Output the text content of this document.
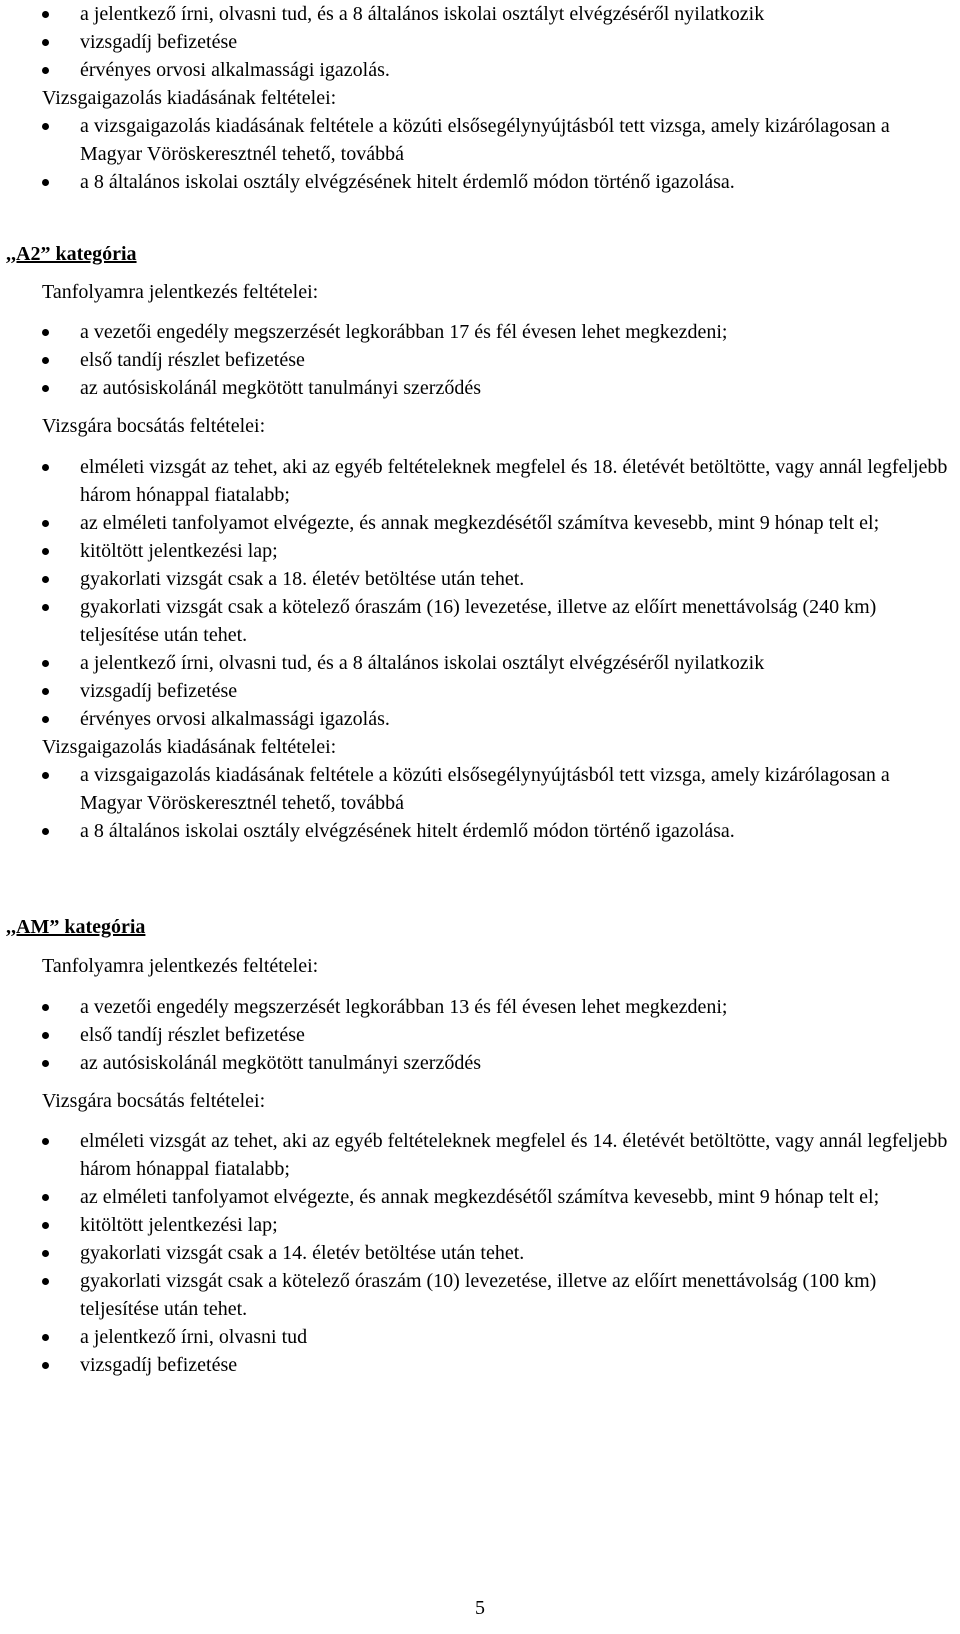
a jelentkező írni, olvasni tud, és a 8 általános iskolai osztályt elvégzéséről nyilatkozik
vizsgadíj befizetése
érvényes orvosi alkalmassági igazolás.

Vizsgaigazolás kiadásának feltételei:

a vizsgaigazolás kiadásának feltétele a közúti elsősegélynyújtásból tett vizsga, amely kizárólagosan a Magyar Vöröskeresztnél tehető, továbbá
a 8 általános iskolai osztály elvégzésének hitelt érdemlő módon történő igazolása.

,,A2” kategória

Tanfolyamra jelentkezés feltételei:

a vezetői engedély megszerzését legkorábban 17 és fél évesen lehet megkezdeni;
első tandíj részlet befizetése
az autósiskolánál megkötött tanulmányi szerződés

Vizsgára bocsátás feltételei:

elméleti vizsgát az tehet, aki az egyéb feltételeknek megfelel és 18. életévét betöltötte, vagy annál legfeljebb három hónappal fiatalabb;
az elméleti tanfolyamot elvégezte, és annak megkezdésétől számítva kevesebb, mint 9 hónap telt el;
kitöltött jelentkezési lap;
gyakorlati vizsgát csak a 18. életév betöltése után tehet.
gyakorlati vizsgát csak a kötelező óraszám (16) levezetése, illetve az előírt menettávolság (240 km) teljesítése után tehet.
a jelentkező írni, olvasni tud, és a 8 általános iskolai osztályt elvégzéséről nyilatkozik
vizsgadíj befizetése
érvényes orvosi alkalmassági igazolás.

Vizsgaigazolás kiadásának feltételei:

a vizsgaigazolás kiadásának feltétele a közúti elsősegélynyújtásból tett vizsga, amely kizárólagosan a Magyar Vöröskeresztnél tehető, továbbá
a 8 általános iskolai osztály elvégzésének hitelt érdemlő módon történő igazolása.

,,AM” kategória

Tanfolyamra jelentkezés feltételei:

a vezetői engedély megszerzését legkorábban 13 és fél évesen lehet megkezdeni;
első tandíj részlet befizetése
az autósiskolánál megkötött tanulmányi szerződés

Vizsgára bocsátás feltételei:

elméleti vizsgát az tehet, aki az egyéb feltételeknek megfelel és 14. életévét betöltötte, vagy annál legfeljebb három hónappal fiatalabb;
az elméleti tanfolyamot elvégezte, és annak megkezdésétől számítva kevesebb, mint 9 hónap telt el;
kitöltött jelentkezési lap;
gyakorlati vizsgát csak a 14. életév betöltése után tehet.
gyakorlati vizsgát csak a kötelező óraszám (10) levezetése, illetve az előírt menettávolság (100 km) teljesítése után tehet.
a jelentkező írni, olvasni tud
vizsgadíj befizetése
5
